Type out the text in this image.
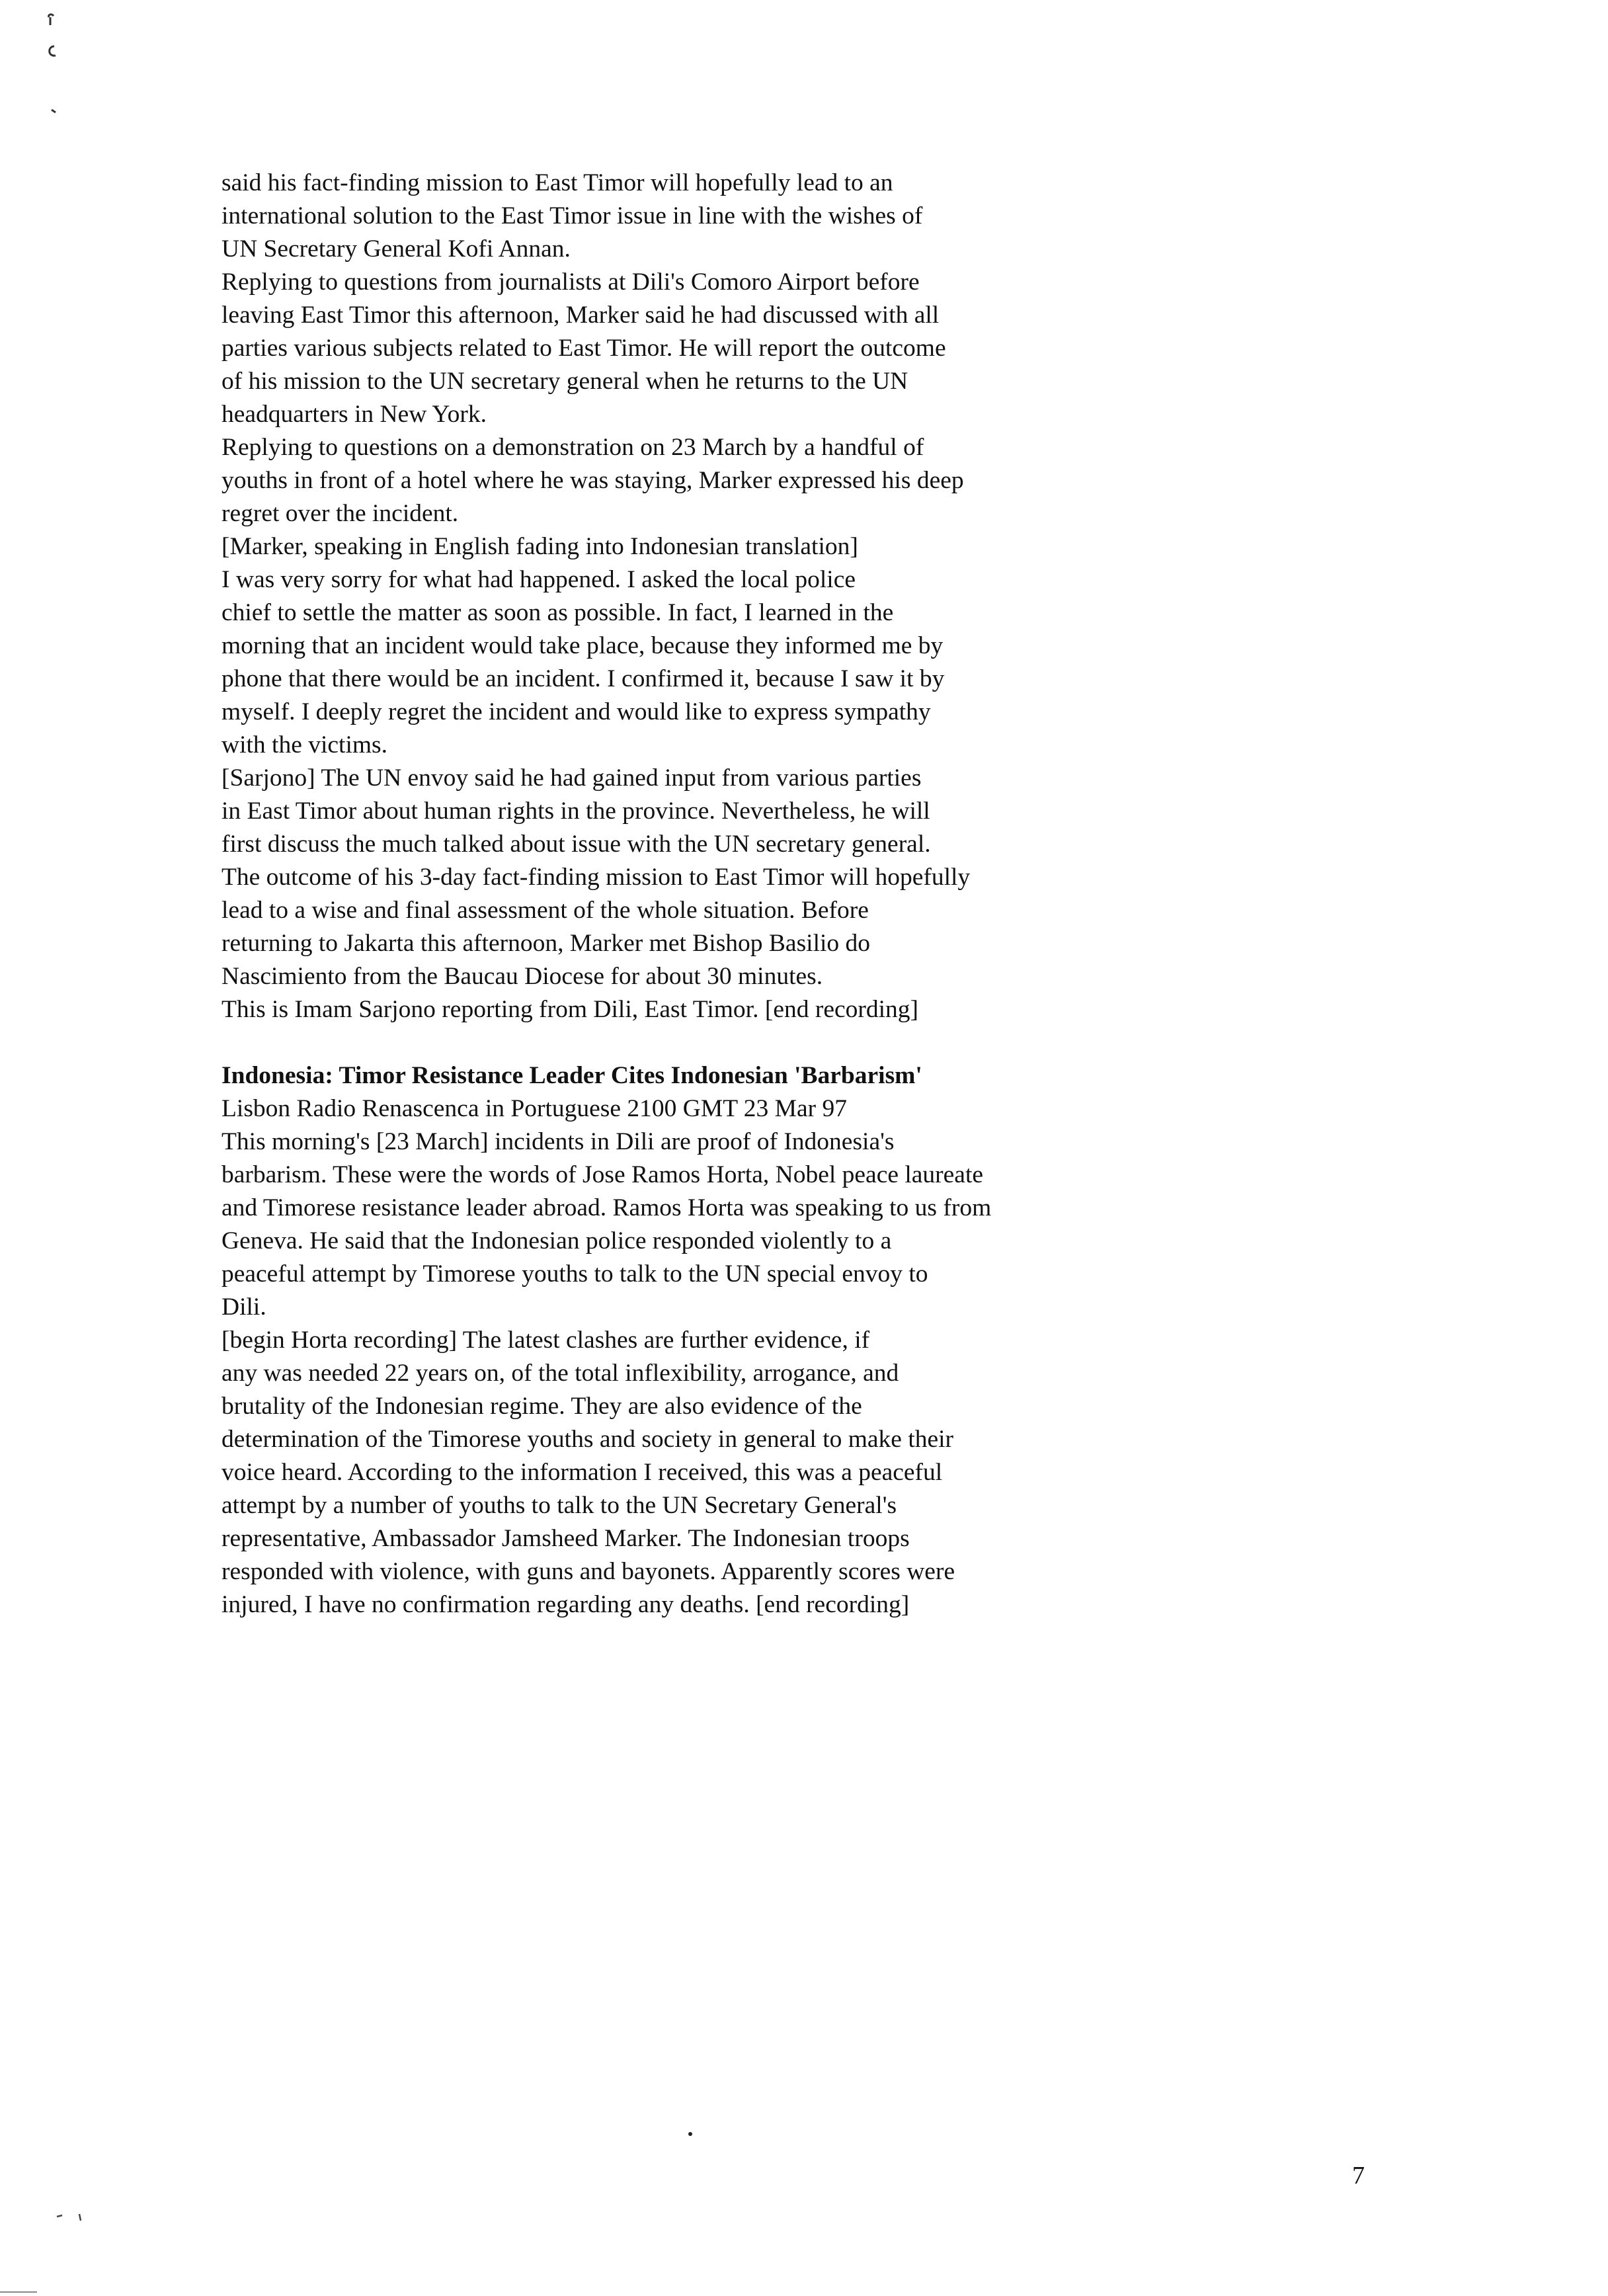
said his fact-finding mission to East Timor will hopefully lead to an
international solution to the East Timor issue in line with the wishes of
UN Secretary General Kofi Annan.
Replying to questions from journalists at Dili's Comoro Airport before
leaving East Timor this afternoon, Marker said he had discussed with all
parties various subjects related to East Timor. He will report the outcome
of his mission to the UN secretary general when he returns to the UN
headquarters in New York.
Replying to questions on a demonstration on 23 March by a handful of
youths in front of a hotel where he was staying, Marker expressed his deep
regret over the incident.
[Marker, speaking in English fading into Indonesian translation]
I was very sorry for what had happened. I asked the local police
chief to settle the matter as soon as possible. In fact, I learned in the
morning that an incident would take place, because they informed me by
phone that there would be an incident. I confirmed it, because I saw it by
myself. I deeply regret the incident and would like to express sympathy
with the victims.
[Sarjono] The UN envoy said he had gained input from various parties
in East Timor about human rights in the province. Nevertheless, he will
first discuss the much talked about issue with the UN secretary general.
The outcome of his 3-day fact-finding mission to East Timor will hopefully
lead to a wise and final assessment of the whole situation. Before
returning to Jakarta this afternoon, Marker met Bishop Basilio do
Nascimiento from the Baucau Diocese for about 30 minutes.
This is Imam Sarjono reporting from Dili, East Timor. [end recording]
Indonesia: Timor Resistance Leader Cites Indonesian 'Barbarism'
Lisbon Radio Renascenca in Portuguese 2100 GMT 23 Mar 97
This morning's [23 March] incidents in Dili are proof of Indonesia's
barbarism. These were the words of Jose Ramos Horta, Nobel peace laureate
and Timorese resistance leader abroad. Ramos Horta was speaking to us from
Geneva. He said that the Indonesian police responded violently to a
peaceful attempt by Timorese youths to talk to the UN special envoy to
Dili.
[begin Horta recording] The latest clashes are further evidence, if
any was needed 22 years on, of the total inflexibility, arrogance, and
brutality of the Indonesian regime. They are also evidence of the
determination of the Timorese youths and society in general to make their
voice heard. According to the information I received, this was a peaceful
attempt by a number of youths to talk to the UN Secretary General's
representative, Ambassador Jamsheed Marker. The Indonesian troops
responded with violence, with guns and bayonets. Apparently scores were
injured, I have no confirmation regarding any deaths. [end recording]
7
